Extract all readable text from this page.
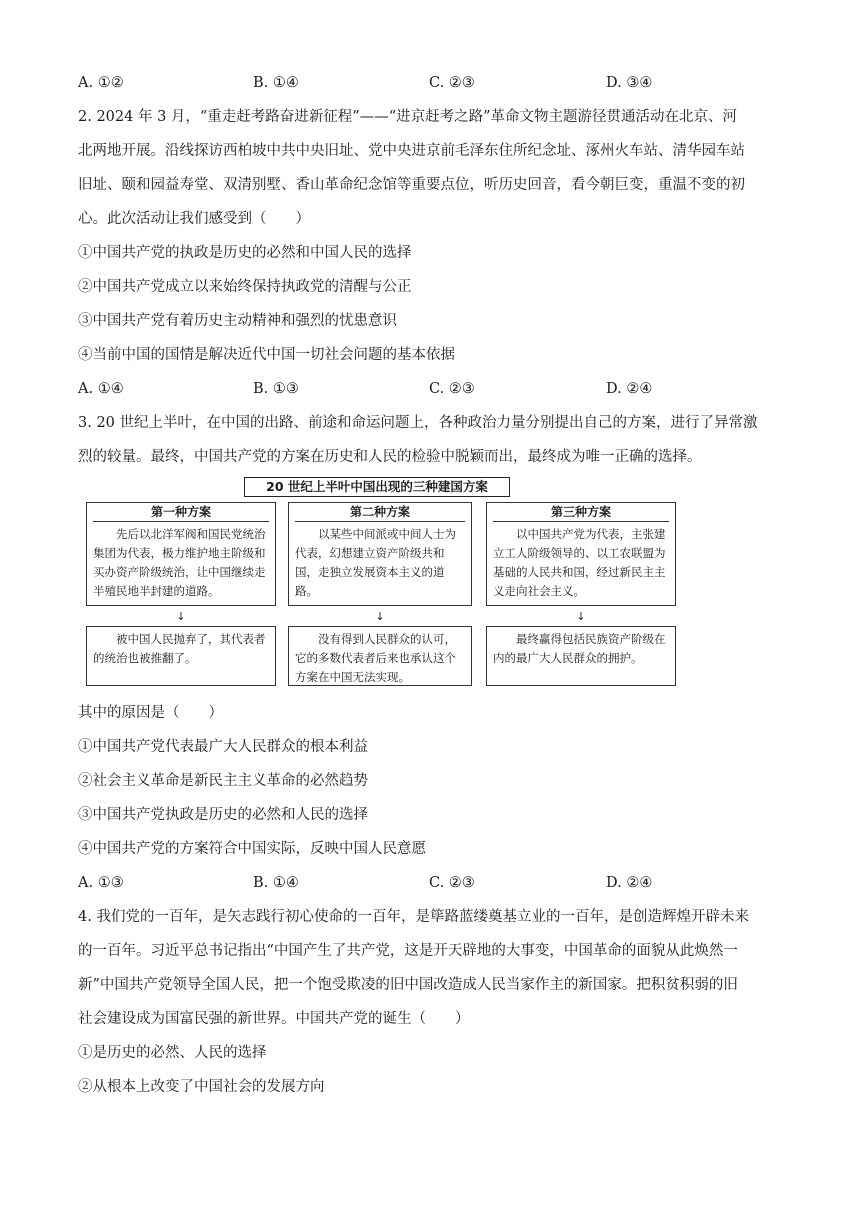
A. ①②	B. ①④	C. ②③	D. ③④
2. 2024 年 3 月，“重走赶考路奋进新征程”——“进京赶考之路”革命文物主题游径贯通活动在北京、河
北两地开展。沿线探访西柏坡中共中央旧址、党中央进京前毛泽东住所纪念址、涿州火车站、清华园车站
旧址、颐和园益寿堂、双清别墅、香山革命纪念馆等重要点位，听历史回音，看今朝巨变，重温不变的初
心。此次活动让我们感受到（　　）
①中国共产党的执政是历史的必然和中国人民的选择
②中国共产党成立以来始终保持执政党的清醒与公正
③中国共产党有着历史主动精神和强烈的忧患意识
④当前中国的国情是解决近代中国一切社会问题的基本依据
A. ①④	B. ①③	C. ②③	D. ②④
3. 20 世纪上半叶，在中国的出路、前途和命运问题上，各种政治力量分别提出自己的方案，进行了异常激
烈的较量。最终，中国共产党的方案在历史和人民的检验中脱颖而出，最终成为唯一正确的选择。
20 世纪上半叶中国出现的三种建国方案
第一种方案
先后以北洋军阀和国民党统治集团为代表，极力维护地主阶级和买办资产阶级统治，让中国继续走半殖民地半封建的道路。
第二种方案
以某些中间派或中间人士为代表，幻想建立资产阶级共和国，走独立发展资本主义的道路。
第三种方案
以中国共产党为代表，主张建立工人阶级领导的、以工农联盟为基础的人民共和国，经过新民主主义走向社会主义。
↓	↓	↓
被中国人民抛弃了，其代表者的统治也被推翻了。
没有得到人民群众的认可，它的多数代表者后来也承认这个方案在中国无法实现。
最终赢得包括民族资产阶级在内的最广大人民群众的拥护。
其中的原因是（　　）
①中国共产党代表最广大人民群众的根本利益
②社会主义革命是新民主主义革命的必然趋势
③中国共产党执政是历史的必然和人民的选择
④中国共产党的方案符合中国实际，反映中国人民意愿
A. ①③	B. ①④	C. ②③	D. ②④
4. 我们党的一百年，是矢志践行初心使命的一百年，是筚路蓝缕奠基立业的一百年，是创造辉煌开辟未来
的一百年。习近平总书记指出“中国产生了共产党，这是开天辟地的大事变，中国革命的面貌从此焕然一
新”中国共产党领导全国人民，把一个饱受欺凌的旧中国改造成人民当家作主的新国家。把积贫积弱的旧
社会建设成为国富民强的新世界。中国共产党的诞生（　　）
①是历史的必然、人民的选择
②从根本上改变了中国社会的发展方向
